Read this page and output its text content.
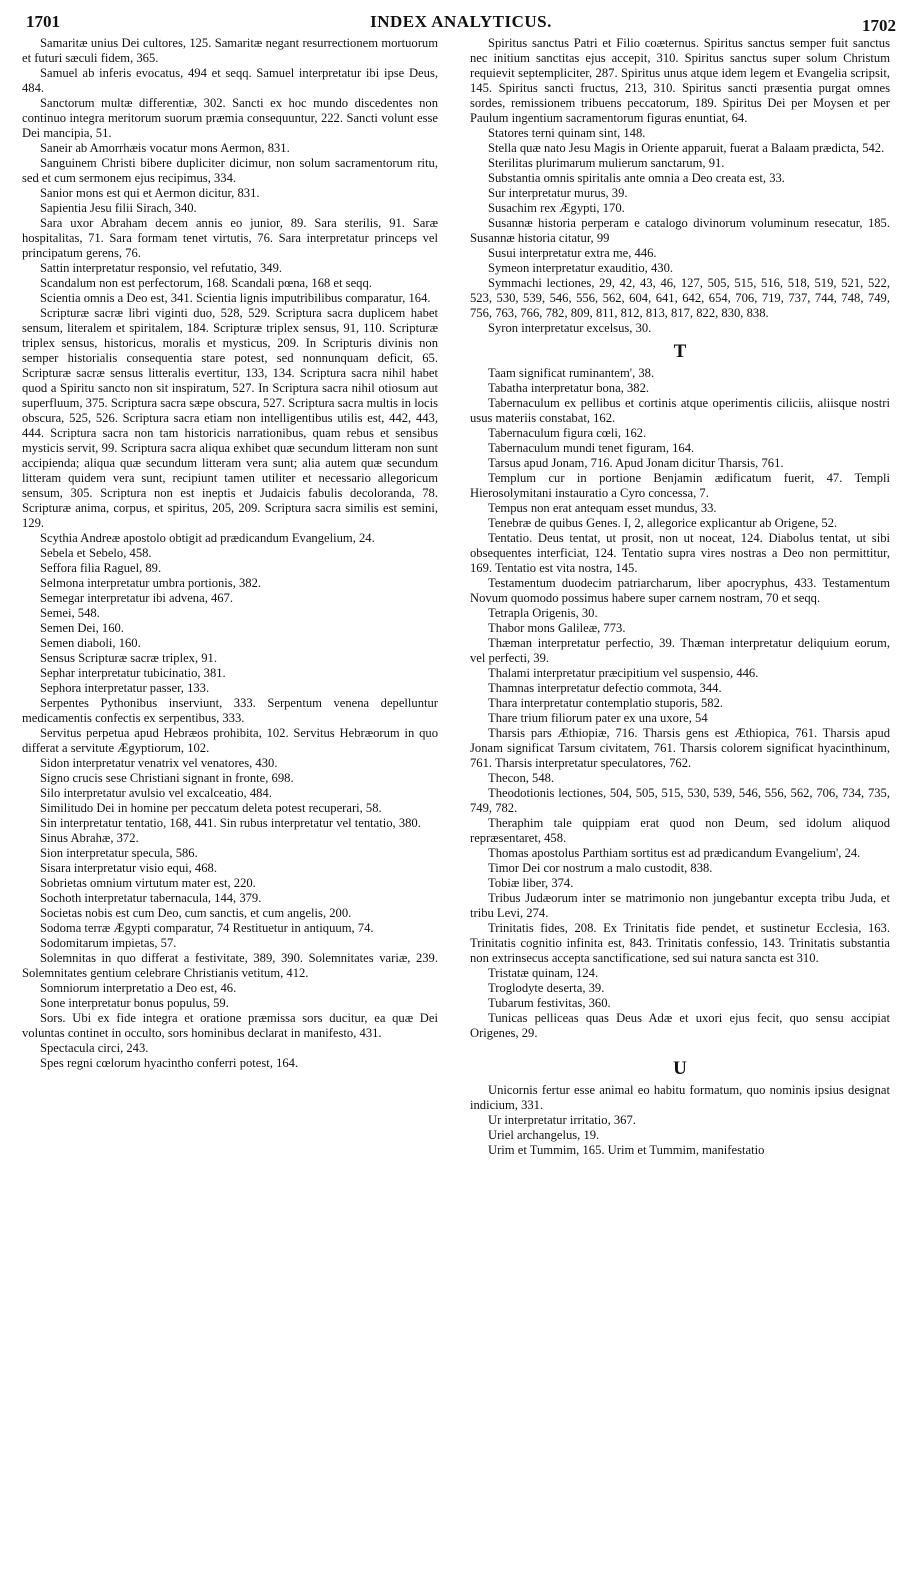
1701	INDEX ANALYTICUS.	1702

Samaritæ unius Dei cultores, 125. Samaritæ negant resurrectionem mortuorum et futuri sæculi fidem, 365.

Samuel ab inferis evocatus, 494 et seqq. Samuel interpretatur ibi ipse Deus, 484.

Sanctorum multæ differentiæ, 302. Sancti ex hoc mundo discedentes non continuo integra meritorum suorum præmia consequuntur, 222. Sancti volunt esse Dei mancipia, 51.

Saneir ab Amorrhæis vocatur mons Aermon, 831.

Sanguinem Christi bibere dupliciter dicimur, non solum sacramentorum ritu, sed et cum sermonem ejus recipimus, 334.

Sanior mons est qui et Aermon dicitur, 831.

Sapientia Jesu filii Sirach, 340.

Sara uxor Abraham decem annis eo junior, 89. Sara sterilis, 91. Saræ hospitalitas, 71. Sara formam tenet virtutis, 76. Sara interpretatur princeps vel principatum gerens, 76.

Sattin interpretatur responsio, vel refutatio, 349.

Scandalum non est perfectorum, 168. Scandali pœna, 168 et seqq.

Scientia omnis a Deo est, 341. Scientia lignis imputribilibus comparatur, 164.

Scripturæ sacræ libri viginti duo, 528, 529. Scriptura sacra duplicem habet sensum, literalem et spiritalem, 184. Scripturæ triplex sensus, 91, 110. Scripturæ triplex sensus, historicus, moralis et mysticus, 209. In Scripturis divinis non semper historialis consequentia stare potest, sed nonnunquam deficit, 65. Scripturæ sacræ sensus litteralis evertitur, 133, 134. Scriptura sacra nihil habet quod a Spiritu sancto non sit inspiratum, 527. In Scriptura sacra nihil otiosum aut superfluum, 375. Scriptura sacra sæpe obscura, 527. Scriptura sacra multis in locis obscura, 525, 526. Scriptura sacra etiam non intelligentibus utilis est, 442, 443, 444. Scriptura sacra non tam historicis narrationibus, quam rebus et sensibus mysticis servit, 99. Scriptura sacra aliqua exhibet quæ secundum litteram non sunt accipienda; aliqua quæ secundum litteram vera sunt; alia autem quæ secundum litteram quidem vera sunt, recipiunt tamen utiliter et necessario allegoricum sensum, 305. Scriptura non est ineptis et Judaicis fabulis decoloranda, 78. Scripturæ anima, corpus, et spiritus, 205, 209. Scriptura sacra similis est semini, 129.

Scythia Andreæ apostolo obtigit ad prædicandum Evangelium, 24.

Sebela et Sebelo, 458.

Seffora filia Raguel, 89.

Selmona interpretatur umbra portionis, 382.

Semegar interpretatur ibi advena, 467.

Semei, 548.

Semen Dei, 160.

Semen diaboli, 160.

Sensus Scripturæ sacræ triplex, 91.

Sephar interpretatur tubicinatio, 381.

Sephora interpretatur passer, 133.

Serpentes Pythonibus inserviunt, 333. Serpentum venena depelluntur medicamentis confectis ex serpentibus, 333.

Servitus perpetua apud Hebræos prohibita, 102. Servitus Hebræorum in quo differat a servitute Ægyptiorum, 102.

Sidon interpretatur venatrix vel venatores, 430.

Signo crucis sese Christiani signant in fronte, 698.

Silo interpretatur avulsio vel excalceatio, 484.

Similitudo Dei in homine per peccatum deleta potest recuperari, 58.

Sin interpretatur tentatio, 168, 441. Sin rubus interpretatur vel tentatio, 380.

Sinus Abrahæ, 372.

Sion interpretatur specula, 586.

Sisara interpretatur visio equi, 468.

Sobrietas omnium virtutum mater est, 220.

Sochoth interpretatur tabernacula, 144, 379.

Societas nobis est cum Deo, cum sanctis, et cum angelis, 200.

Sodoma terræ Ægypti comparatur, 74 Restituetur in antiquum, 74.

Sodomitarum impietas, 57.

Solemnitas in quo differat a festivitate, 389, 390. Solemnitates variæ, 239. Solemnitates gentium celebrare Christianis vetitum, 412.

Somniorum interpretatio a Deo est, 46.

Sone interpretatur bonus populus, 59.

Sors. Ubi ex fide integra et oratione præmissa sors ducitur, ea quæ Dei voluntas continet in occulto, sors hominibus declarat in manifesto, 431.

Spectacula circi, 243.

Spes regni cœlorum hyacintho conferri potest, 164.

Spiritus sanctus Patri et Filio coæternus. Spiritus sanctus semper fuit sanctus nec initium sanctitas ejus accepit, 310. Spiritus sanctus super solum Christum requievit septempliciter, 287. Spiritus unus atque idem legem et Evangelia scripsit, 145. Spiritus sancti fructus, 213, 310. Spiritus sancti præsentia purgat omnes sordes, remissionem tribuens peccatorum, 189. Spiritus Dei per Moysen et per Paulum ingentium sacramentorum figuras enuntiat, 64.

Statores terni quinam sint, 148.

Stella quæ nato Jesu Magis in Oriente apparuit, fuerat a Balaam prædicta, 542.

Sterilitas plurimarum mulierum sanctarum, 91.

Substantia omnis spiritalis ante omnia a Deo creata est, 33.

Sur interpretatur murus, 39.

Susachim rex Ægypti, 170.

Susannæ historia perperam e catalogo divinorum voluminum resecatur, 185. Susannæ historia citatur, 99

Susui interpretatur extra me, 446.

Symeon interpretatur exauditio, 430.

Symmachi lectiones, 29, 42, 43, 46, 127, 505, 515, 516, 518, 519, 521, 522, 523, 530, 539, 546, 556, 562, 604, 641, 642, 654, 706, 719, 737, 744, 748, 749, 756, 763, 766, 782, 809, 811, 812, 813, 817, 822, 830, 838.

Syron interpretatur excelsus, 30.

T

Taam significat ruminantem', 38.

Tabatha interpretatur bona, 382.

Tabernaculum ex pellibus et cortinis atque operimentis ciliciis, aliisque nostri usus materiis constabat, 162.

Tabernaculum figura cœli, 162.

Tabernaculum mundi tenet figuram, 164.

Tarsus apud Jonam, 716. Apud Jonam dicitur Tharsis, 761.

Templum cur in portione Benjamin ædificatum fuerit, 47. Templi Hierosolymitani instauratio a Cyro concessa, 7.

Tempus non erat antequam esset mundus, 33.

Tenebræ de quibus Genes. I, 2, allegorice explicantur ab Origene, 52.

Tentatio. Deus tentat, ut prosit, non ut noceat, 124. Diabolus tentat, ut sibi obsequentes interficiat, 124. Tentatio supra vires nostras a Deo non permittitur, 169. Tentatio est vita nostra, 145.

Testamentum duodecim patriarcharum, liber apocryphus, 433. Testamentum Novum quomodo possimus habere super carnem nostram, 70 et seqq.

Tetrapla Origenis, 30.

Thabor mons Galileæ, 773.

Thæman interpretatur perfectio, 39. Thæman interpretatur deliquium eorum, vel perfecti, 39.

Thalami interpretatur præcipitium vel suspensio, 446.

Thamnas interpretatur defectio commota, 344.

Thara interpretatur contemplatio stuporis, 582.

Thare trium filiorum pater ex una uxore, 54

Tharsis pars Æthiopiæ, 716. Tharsis gens est Æthiopica, 761. Tharsis apud Jonam significat Tarsum civitatem, 761. Tharsis colorem significat hyacinthinum, 761. Tharsis interpretatur speculatores, 762.

Thecon, 548.

Theodotionis lectiones, 504, 505, 515, 530, 539, 546, 556, 562, 706, 734, 735, 749, 782.

Theraphim tale quippiam erat quod non Deum, sed idolum aliquod repræsentaret, 458.

Thomas apostolus Parthiam sortitus est ad prædicandum Evangelium', 24.

Timor Dei cor nostrum a malo custodit, 838.

Tobiæ liber, 374.

Tribus Judæorum inter se matrimonio non jungebantur excepta tribu Juda, et tribu Levi, 274.

Trinitatis fides, 208. Ex Trinitatis fide pendet, et sustinetur Ecclesia, 163. Trinitatis cognitio infinita est, 843. Trinitatis confessio, 143. Trinitatis substantia non extrinsecus accepta sanctificatione, sed sui natura sancta est 310.

Tristatæ quinam, 124.

Troglodyte deserta, 39.

Tubarum festivitas, 360.

Tunicas pelliceas quas Deus Adæ et uxori ejus fecit, quo sensu accipiat Origenes, 29.

U

Unicornis fertur esse animal eo habitu formatum, quo nominis ipsius designat indicium, 331.

Ur interpretatur irritatio, 367.

Uriel archangelus, 19.

Urim et Tummim, 165. Urim et Tummim, manifestatio
